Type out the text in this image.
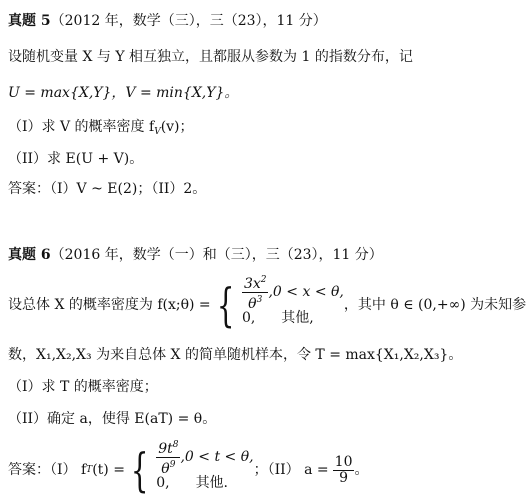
真题 5（2012 年，数学（三），三（23），11 分）
设随机变量 X 与 Y 相互独立，且都服从参数为 1 的指数分布，记
U = max{X,Y}，V = min{X,Y}。
（I）求 V 的概率密度 $f_V(v)$；
（II）求 E(U + V)。
答案：（I）V ~ E(2)；（II）2。
真题 6（2016 年，数学（一）和（三），三（23），11 分）
设总体 X 的概率密度为 f(x;θ) = { $\frac{3x^2}{\theta^3} ,0 < x < \theta$,
0, 其他,
，其中 θ ∈ (0,+∞) 为未知参
数，X₁,X₂,X₃ 为来自总体 X 的简单随机样本，令 T = max{X₁,X₂,X₃}。
（I）求 T 的概率密度；
（II）确定 a，使得 E(aT) = θ。
答案：（I） f T (t) = { $\frac{9t^8}{\theta^9} ,0 < t < \theta$,
0, 其他.
；（II） $a = \frac{10}{9}$ 。
